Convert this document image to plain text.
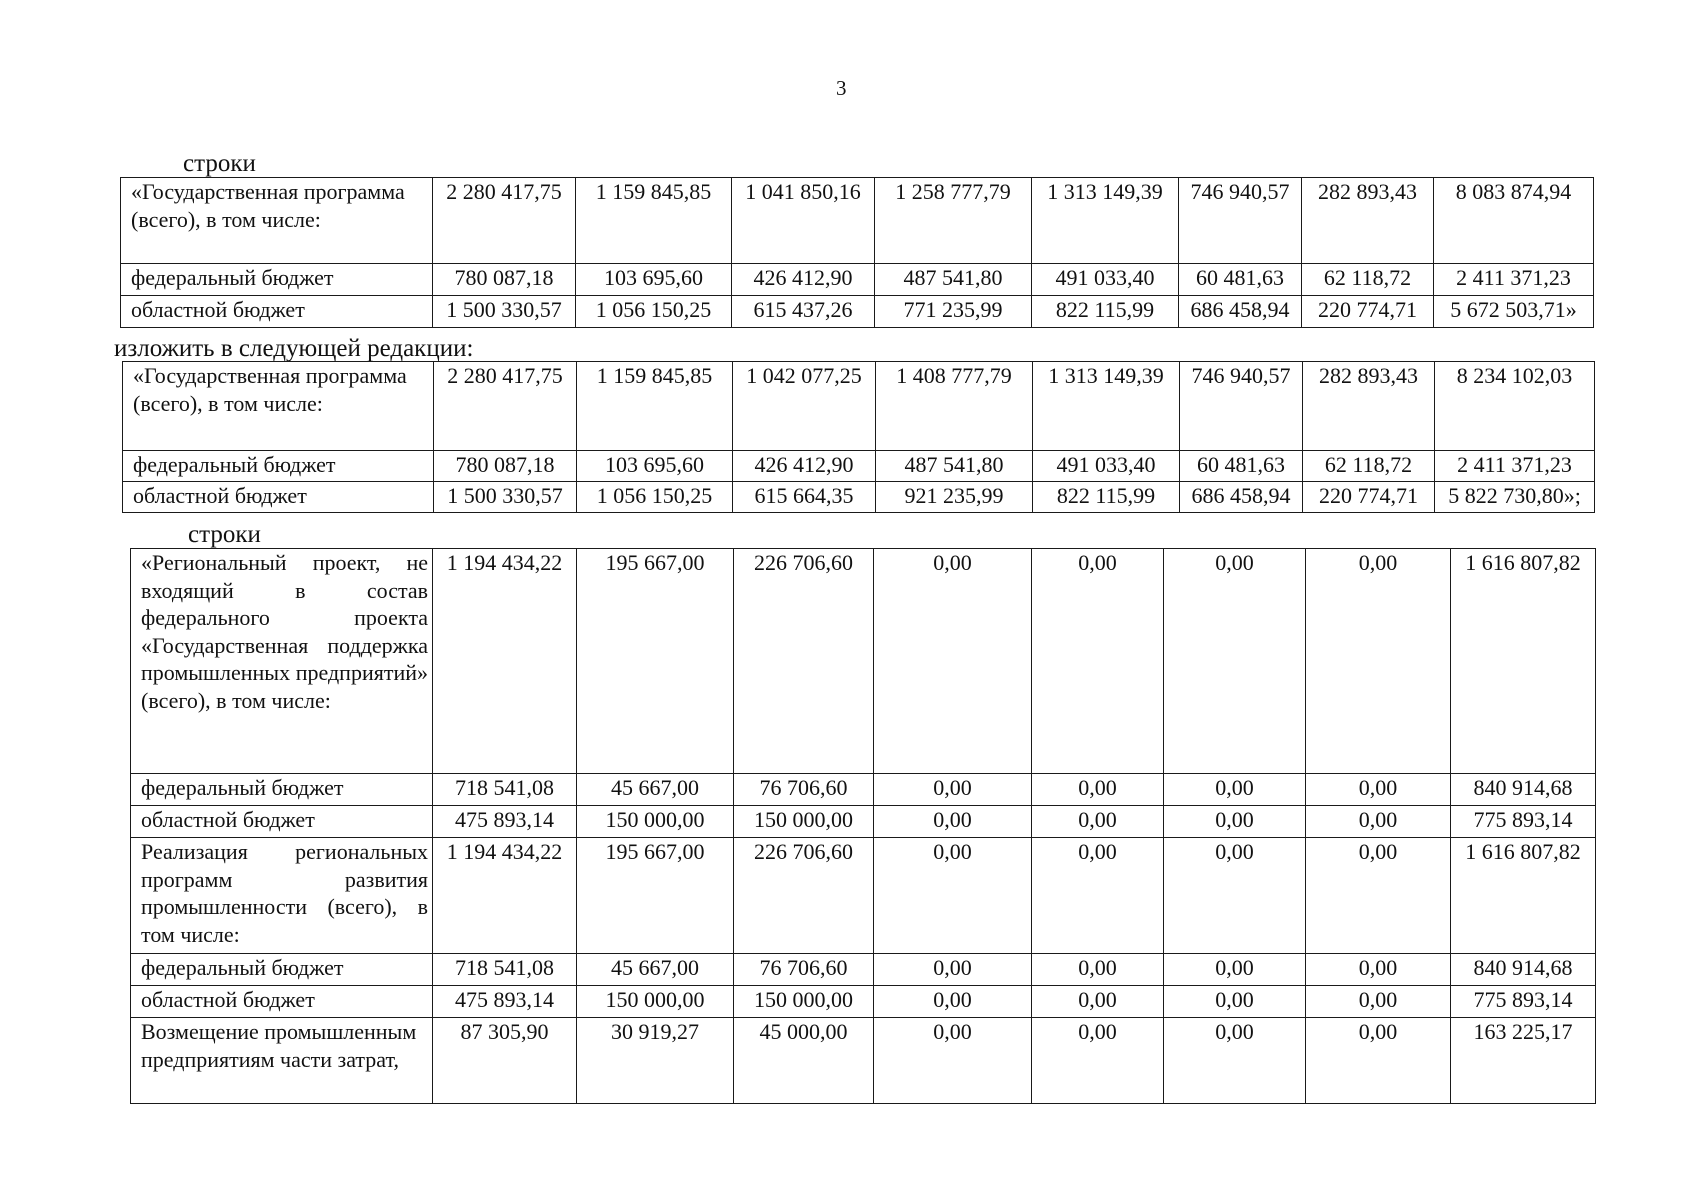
3
строки
«Государственная программа (всего), в том числе:	2 280 417,75	1 159 845,85	1 041 850,16	1 258 777,79	1 313 149,39	746 940,57	282 893,43	8 083 874,94
федеральный бюджет	780 087,18	103 695,60	426 412,90	487 541,80	491 033,40	60 481,63	62 118,72	2 411 371,23
областной бюджет	1 500 330,57	1 056 150,25	615 437,26	771 235,99	822 115,99	686 458,94	220 774,71	5 672 503,71»
изложить в следующей редакции:
«Государственная программа (всего), в том числе:	2 280 417,75	1 159 845,85	1 042 077,25	1 408 777,79	1 313 149,39	746 940,57	282 893,43	8 234 102,03
федеральный бюджет	780 087,18	103 695,60	426 412,90	487 541,80	491 033,40	60 481,63	62 118,72	2 411 371,23
областной бюджет	1 500 330,57	1 056 150,25	615 664,35	921 235,99	822 115,99	686 458,94	220 774,71	5 822 730,80»;
строки
«Региональный проект, не входящий в состав федерального проекта «Государственная поддержка промышленных предприятий» (всего), в том числе:	1 194 434,22	195 667,00	226 706,60	0,00	0,00	0,00	0,00	1 616 807,82
федеральный бюджет	718 541,08	45 667,00	76 706,60	0,00	0,00	0,00	0,00	840 914,68
областной бюджет	475 893,14	150 000,00	150 000,00	0,00	0,00	0,00	0,00	775 893,14
Реализация региональных программ развития промышленности (всего), в том числе:	1 194 434,22	195 667,00	226 706,60	0,00	0,00	0,00	0,00	1 616 807,82
федеральный бюджет	718 541,08	45 667,00	76 706,60	0,00	0,00	0,00	0,00	840 914,68
областной бюджет	475 893,14	150 000,00	150 000,00	0,00	0,00	0,00	0,00	775 893,14
Возмещение промышленным предприятиям части затрат,	87 305,90	30 919,27	45 000,00	0,00	0,00	0,00	0,00	163 225,17
